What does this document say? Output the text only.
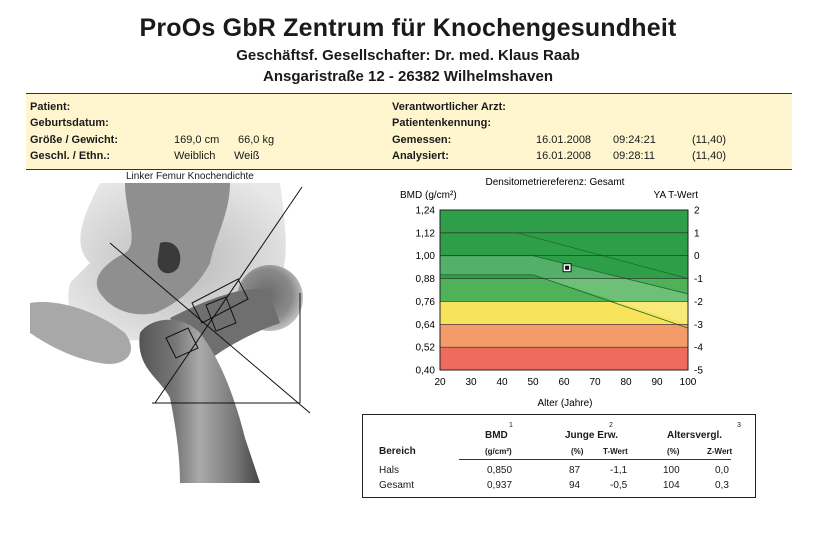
ProOs GbR Zentrum für Knochengesundheit
Geschäftsf. Gesellschafter: Dr. med. Klaus Raab
Ansgaristraße 12 - 26382 Wilhelmshaven
Patient:
Geburtsdatum:
Größe / Gewicht:	169,0 cm 66,0 kg
Geschl. / Ethn.:	Weiblich Weiß
Verantwortlicher Arzt:
Patientenkennung:
Gemessen:	16.01.2008 09:24:21	(11,40)
Analysiert:	16.01.2008 09:28:11	(11,40)
Linker Femur Knochendichte
Densitometriereferenz: Gesamt
BMD (g/cm²)	YA T-Wert
1,24
1,12
1,00
0,88
0,76
0,64
0,52
0,40
2
1
0
-1
-2
-3
-4
-5
20 30 40 50 60 70 80 90 100
Alter (Jahre)
1	2	3
BMD	Junge Erw.	Altersvergl.
Bereich	(g/cm²)	(%) T-Wert	(%)	Z-Wert
Hals	0,850	87	-1,1	100	0,0
Gesamt	0,937	94	-0,5	104	0,3
